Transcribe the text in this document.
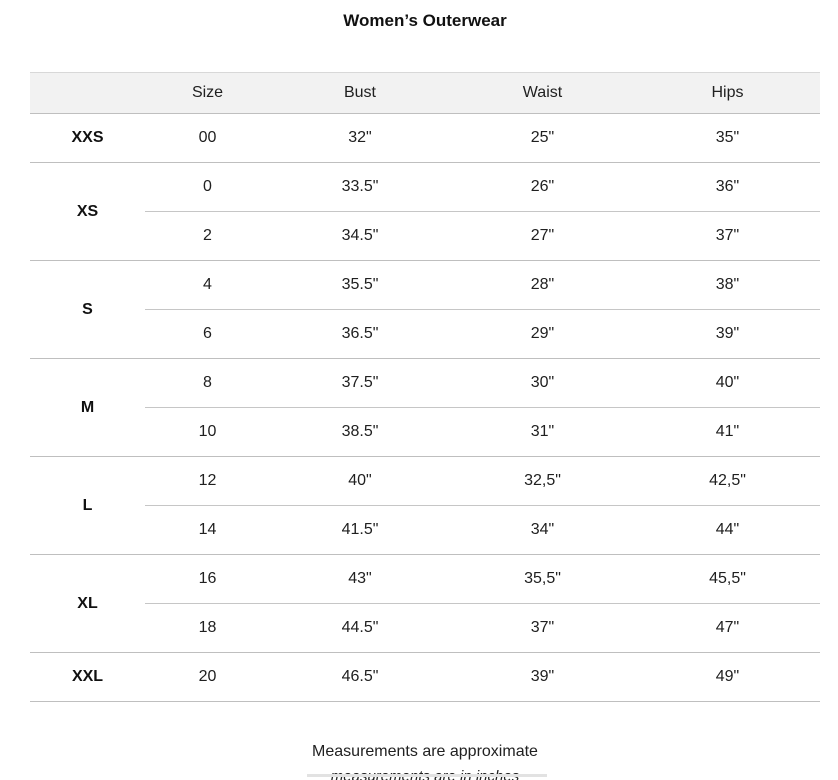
Women’s Outerwear
	Size	Bust	Waist	Hips
XXS	00	32"	25"	35"
XS	0	33.5"	26"	36"
	2	34.5"	27"	37"
S	4	35.5"	28"	38"
	6	36.5"	29"	39"
M	8	37.5"	30"	40"
	10	38.5"	31"	41"
L	12	40"	32,5"	42,5"
	14	41.5"	34"	44"
XL	16	43"	35,5"	45,5"
	18	44.5"	37"	47"
XXL	20	46.5"	39"	49"
Measurements are approximate
